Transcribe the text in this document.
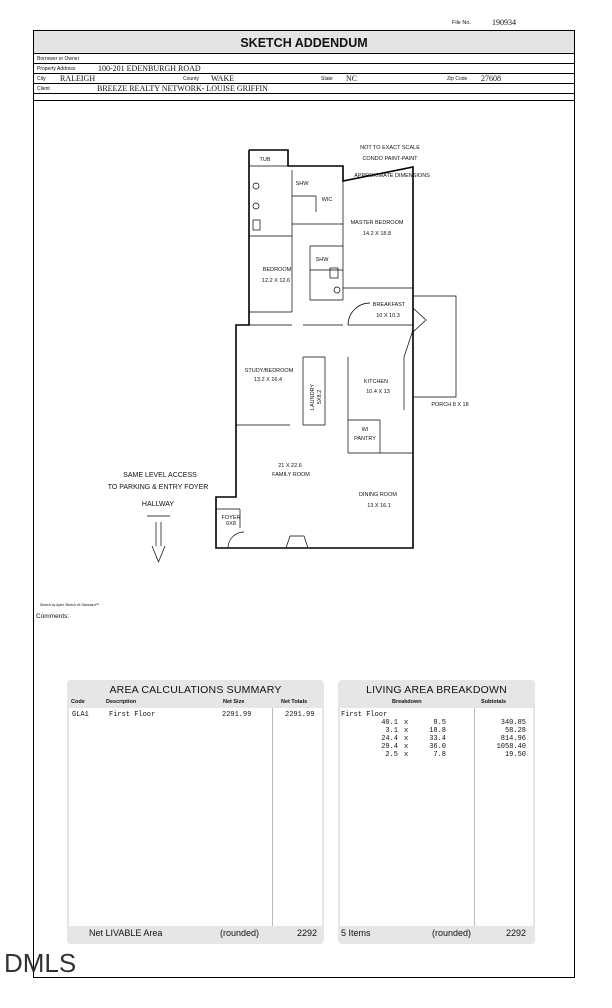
File No.	190934
SKETCH ADDENDUM
Borrower or Owner
Property Address	100-201 EDENBURGH ROAD
City RALEIGH	County WAKE	State NC	Zip Code 27608
Client	BREEZE REALTY NETWORK- LOUISE GRIFFIN
NOT TO EXACT SCALE
CONDO PAINT-PAINT
APPROXIMATE DIMENSIONS
TUB
SHW
WIC
MASTER BEDROOM
14.2 X 18.8
SHW
BEDROOM
12.2 X 12.6
BREAKFAST
10 X 10.3
STUDY/BEDROOM
13.2 X 16.4
LAUNDRY 5X8.2
KITCHEN
10.4 X 13
PORCH 8 X 18
WI
PANTRY
21 X 22.6
FAMILY ROOM
DINING ROOM
13 X 16.1
FOYER
6X8
SAME LEVEL ACCESS
TO PARKING & ENTRY FOYER
HALLWAY
Sketch by Apex Sketch v5 Standard™
Comments:
AREA CALCULATIONS SUMMARY
Code	Description	Net Size	Net Totals
GLA1	First Floor	2291.99	2291.99
Net LIVABLE Area	(rounded)	2292
LIVING AREA BREAKDOWN
Breakdown	Subtotals
First Floor
40.1 x	8.5	340.85
3.1 x	18.8	58.28
24.4 x	33.4	814.96
29.4 x	36.0	1058.40
2.5 x	7.8	19.50
5 Items	(rounded)	2292
DMLS
